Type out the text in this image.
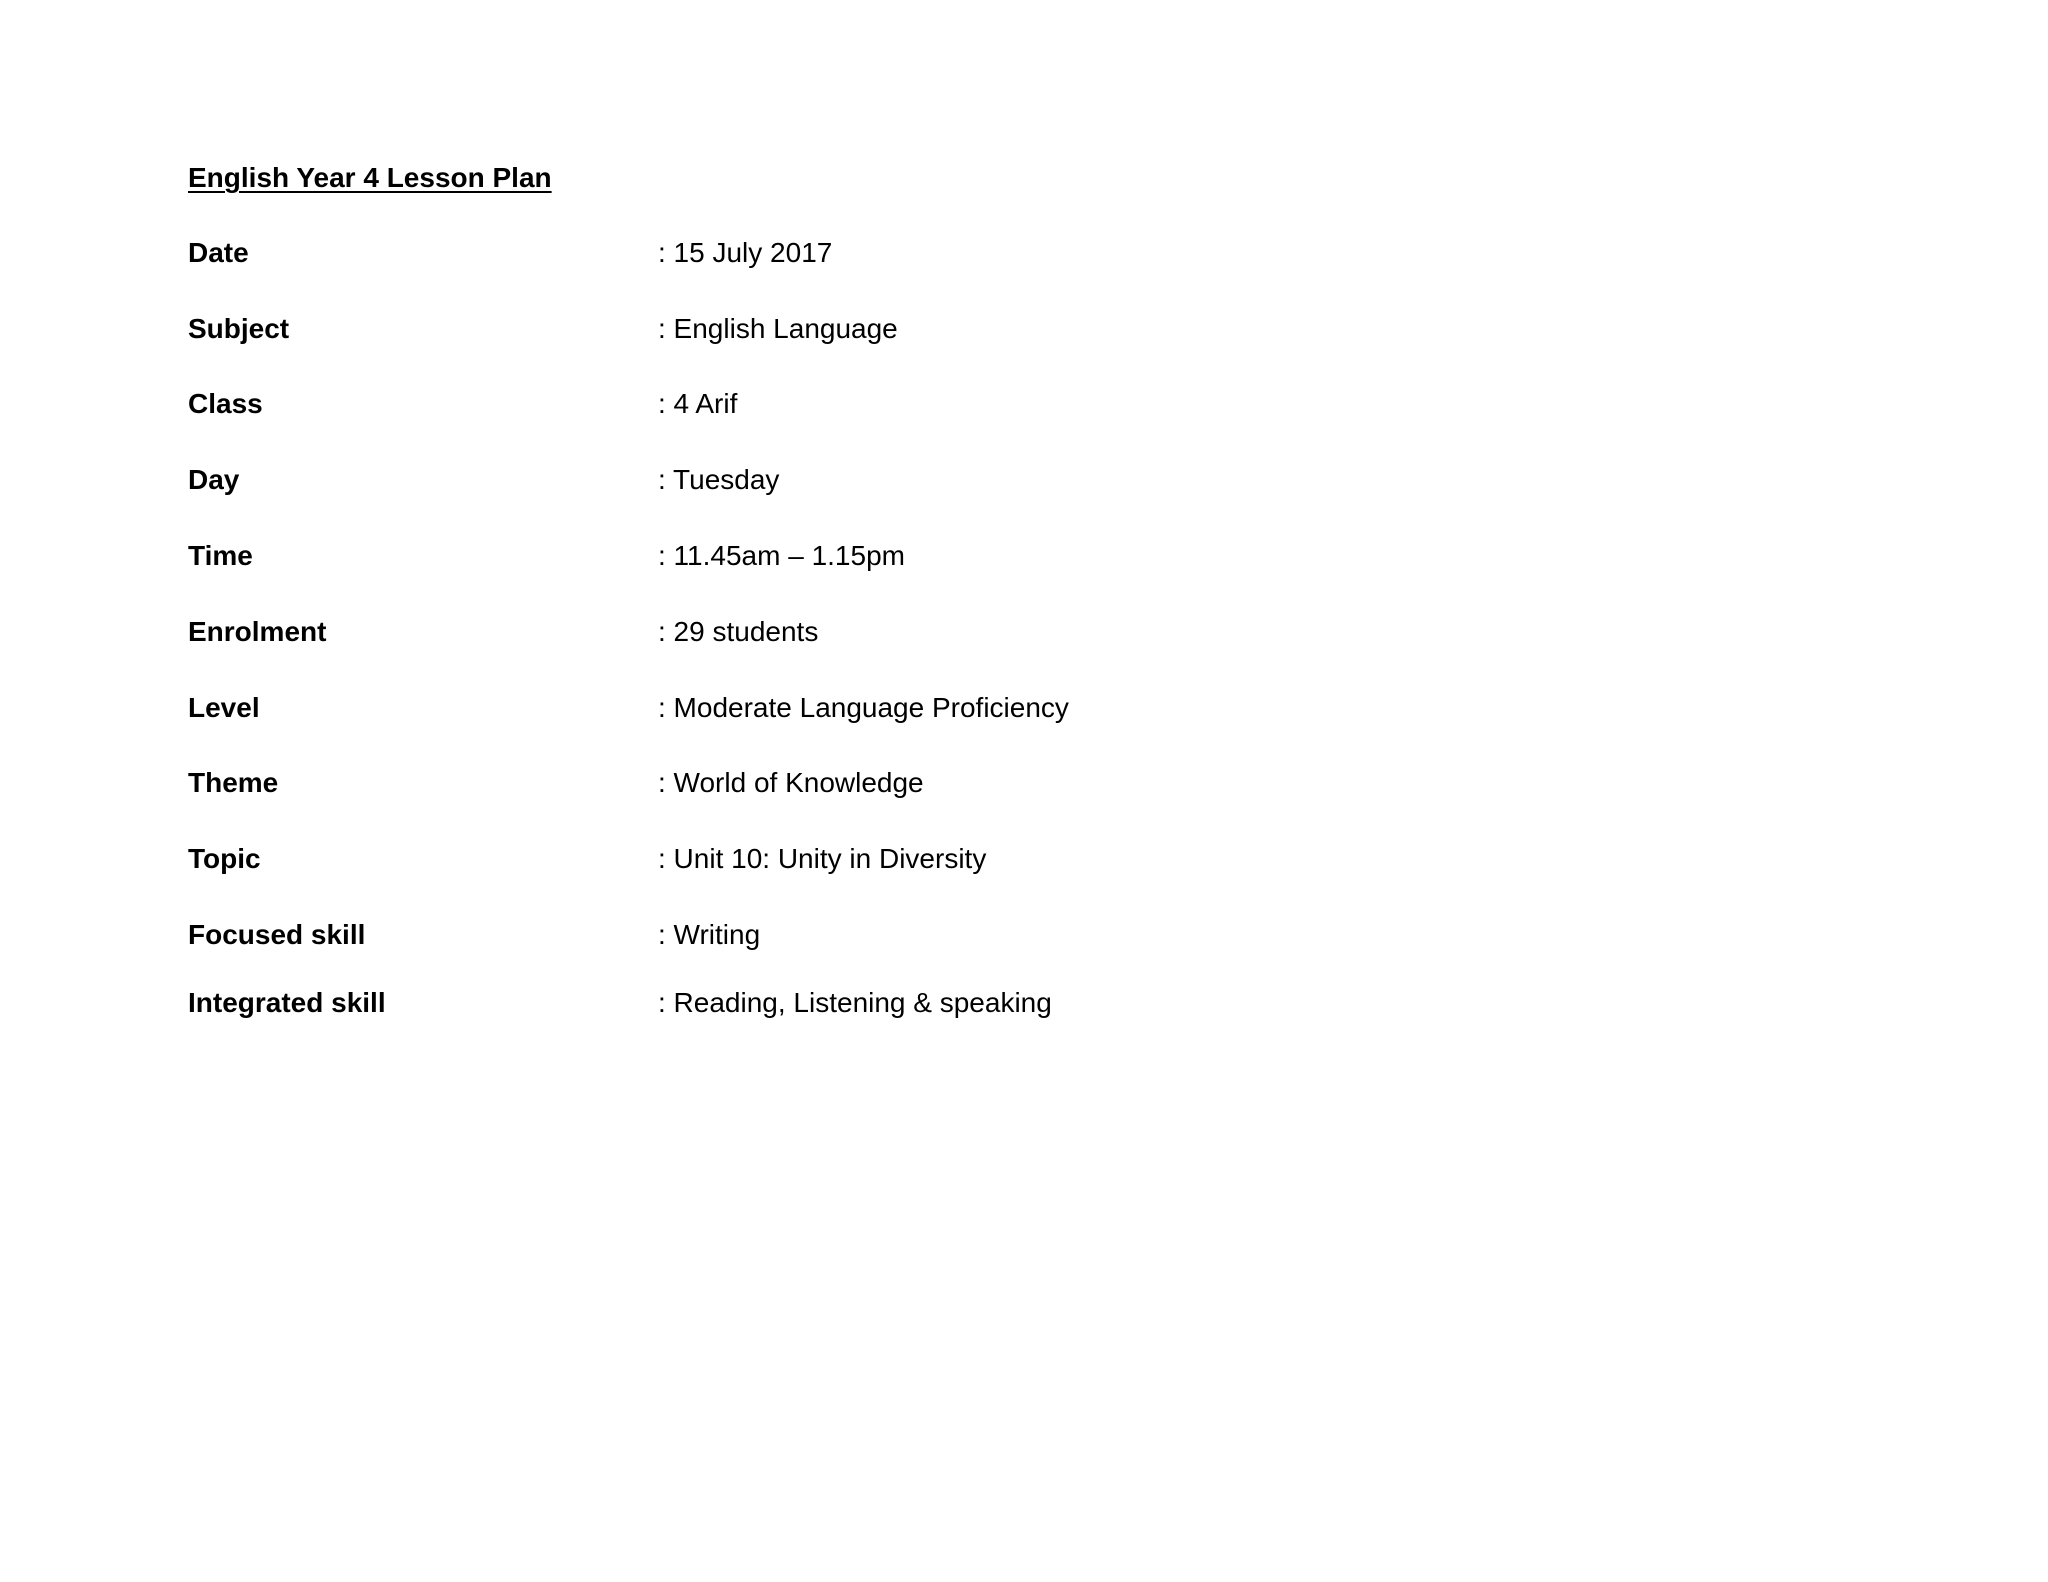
English Year 4 Lesson Plan
Date	: 15 July 2017
Subject	: English Language
Class	: 4 Arif
Day	: Tuesday
Time	: 11.45am – 1.15pm
Enrolment	: 29 students
Level	: Moderate Language Proficiency
Theme	: World of Knowledge
Topic	: Unit 10: Unity in Diversity
Focused skill	: Writing
Integrated skill	: Reading, Listening & speaking
